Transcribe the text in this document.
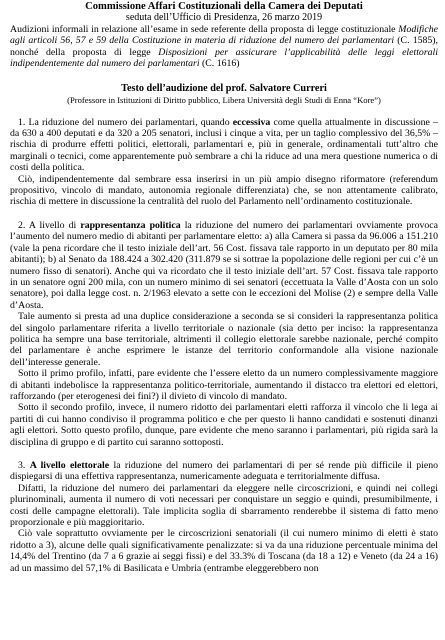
Commissione Affari Costituzionali della Camera dei Deputati
seduta dell’Ufficio di Presidenza, 26 marzo 2019
Audizioni informali in relazione all’esame in sede referente della proposta di legge costituzionale Modifiche agli articoli 56, 57 e 59 della Costituzione in materia di riduzione del numero dei parlamentari (C. 1585), nonché della proposta di legge Disposizioni per assicurare l’applicabilità delle leggi elettorali indipendentemente dal numero dei parlamentari (C. 1616)
Testo dell’audizione del prof. Salvatore Curreri
(Professore in Istituzioni di Diritto pubblico, Libera Università degli Studi di Enna “Kore”)

1. La riduzione del numero dei parlamentari, quando eccessiva come quella attualmente in discussione – da 630 a 400 deputati e da 320 a 205 senatori, inclusi i cinque a vita, per un taglio complessivo del 36,5% – rischia di produrre effetti politici, elettorali, parlamentari e, più in generale, ordinamentali tutt’altro che marginali o tecnici, come apparentemente può sembrare a chi la riduce ad una mera questione numerica o di costi della politica.

Ciò, indipendentemente dal sembrare essa inserirsi in un più ampio disegno riformatore (referendum propositivo, vincolo di mandato, autonomia regionale differenziata) che, se non attentamente calibrato, rischia di mettere in discussione la centralità del ruolo del Parlamento nell’ordinamento costituzionale.

2. A livello di rappresentanza politica la riduzione del numero dei parlamentari ovviamente provoca l’aumento del numero medio di abitanti per parlamentare eletto: a) alla Camera si passa da 96.006 a 151.210 (vale la pena ricordare che il testo iniziale dell’art. 56 Cost. fissava tale rapporto in un deputato per 80 mila abitanti); b) al Senato da 188.424 a 302.420 (311.879 se si sottrae la popolazione delle regioni per cui c’è un numero fisso di senatori). Anche qui va ricordato che il testo iniziale dell’art. 57 Cost. fissava tale rapporto in un senatore ogni 200 mila, con un numero minimo di sei senatori (eccettuata la Valle d’Aosta con un solo senatore), poi dalla legge cost. n. 2/1963 elevato a sette con le eccezioni del Molise (2) e sempre della Valle d’Aosta.

Tale aumento si presta ad una duplice considerazione a seconda se si consideri la rappresentanza politica del singolo parlamentare riferita a livello territoriale o nazionale (sia detto per inciso: la rappresentanza politica ha sempre una base territoriale, altrimenti il collegio elettorale sarebbe nazionale, perché compito del parlamentare è anche esprimere le istanze del territorio conformandole alla visione nazionale dell’interesse generale.

Sotto il primo profilo, infatti, pare evidente che l’essere eletto da un numero complessivamente maggiore di abitanti indebolisce la rappresentanza politico-territoriale, aumentando il distacco tra elettori ed elettori, rafforzando (per eterogenesi dei fini?) il divieto di vincolo di mandato.

Sotto il secondo profilo, invece, il numero ridotto dei parlamentari eletti rafforza il vincolo che li lega ai partiti di cui hanno condiviso il programma politico e che per questo li hanno candidati e sostenuti dinanzi agli elettori. Sotto questo profilo, dunque, pare evidente che meno saranno i parlamentari, più rigida sarà la disciplina di gruppo e di partito cui saranno sottoposti.

3. A livello elettorale la riduzione del numero dei parlamentari di per sé rende più difficile il pieno dispiegarsi di una effettiva rappresentanza, numericamente adeguata e territorialmente diffusa.

Difatti, la riduzione del numero dei parlamentari da eleggere nelle circoscrizioni, e quindi nei collegi plurinominali, aumenta il numero di voti necessari per conquistare un seggio e quindi, presumibilmente, i costi delle campagne elettorali). Tale implicita soglia di sbarramento renderebbe il sistema di fatto meno proporzionale e più maggioritario.

Ciò vale soprattutto ovviamente per le circoscrizioni senatoriali (il cui numero minimo di eletti è stato ridotto a 3), alcune delle quali significativamente penalizzate: si va da una riduzione percentuale minima del 14,4% del Trentino (da 7 a 6 grazie ai seggi fissi) e del 33.3% di Toscana (da 18 a 12) e Veneto (da 24 a 16) ad un massimo del 57,1% di Basilicata e Umbria (entrambe eleggerebbero non
